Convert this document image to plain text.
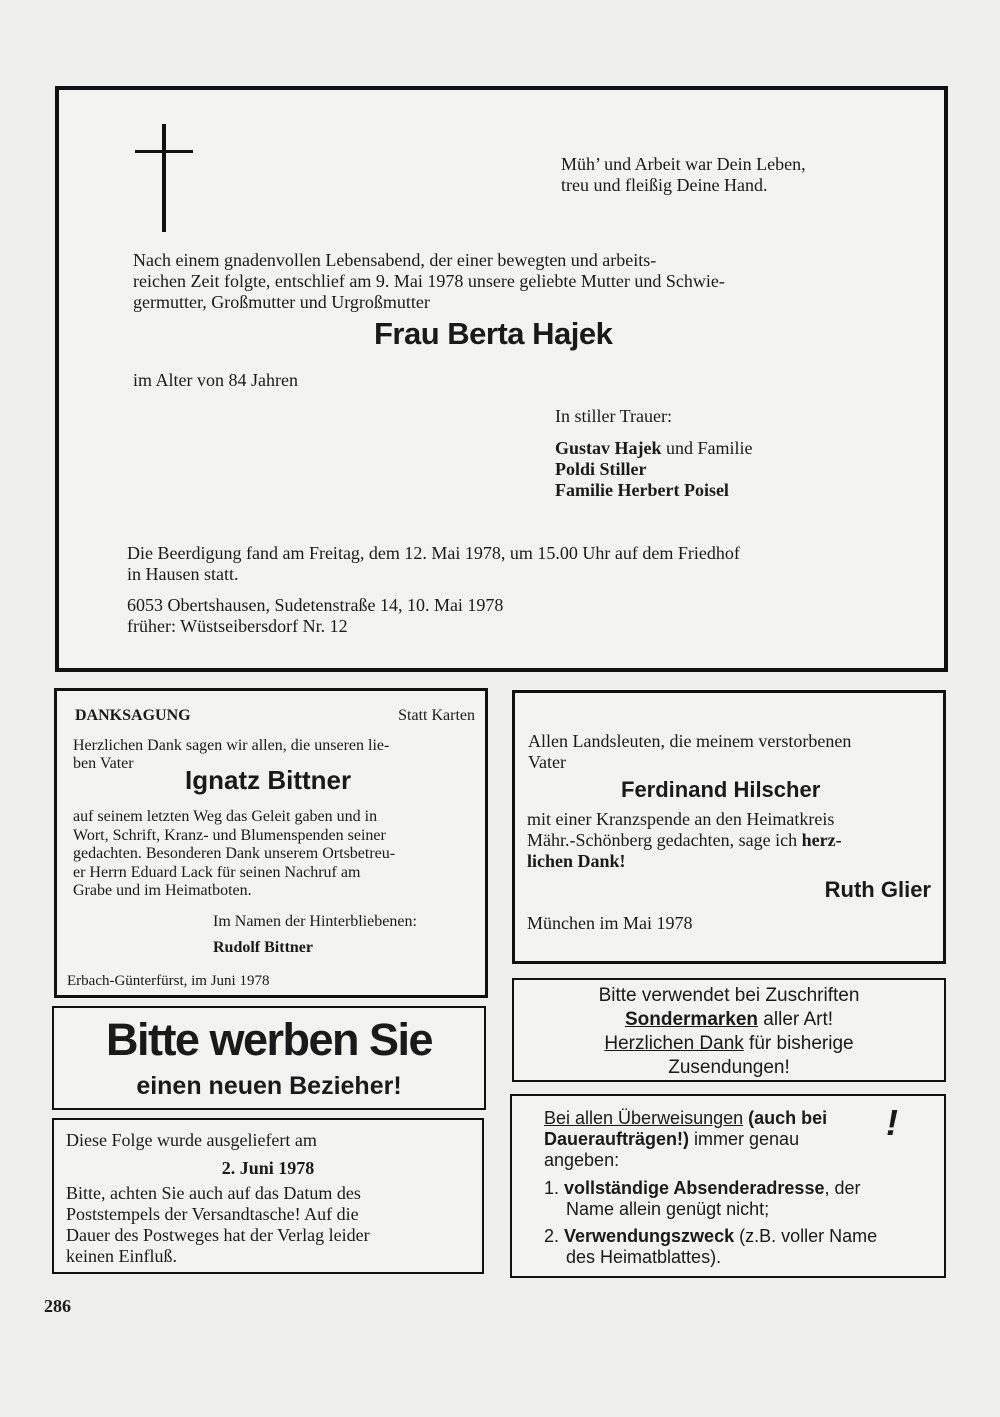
Müh’ und Arbeit war Dein Leben,
treu und fleißig Deine Hand.
Nach einem gnadenvollen Lebensabend, der einer bewegten und arbeits-
reichen Zeit folgte, entschlief am 9. Mai 1978 unsere geliebte Mutter und Schwie-
germutter, Großmutter und Urgroßmutter
Frau Berta Hajek
im Alter von 84 Jahren
In stiller Trauer:
Gustav Hajek und Familie
Poldi Stiller
Familie Herbert Poisel
Die Beerdigung fand am Freitag, dem 12. Mai 1978, um 15.00 Uhr auf dem Friedhof
in Hausen statt.
6053 Obertshausen, Sudetenstraße 14, 10. Mai 1978
früher: Wüstseibersdorf Nr. 12
DANKSAGUNG	Statt Karten
Herzlichen Dank sagen wir allen, die unseren lie-
ben Vater
Ignatz Bittner
auf seinem letzten Weg das Geleit gaben und in
Wort, Schrift, Kranz- und Blumenspenden seiner
gedachten. Besonderen Dank unserem Ortsbetreu-
er Herrn Eduard Lack für seinen Nachruf am
Grabe und im Heimatboten.
Im Namen der Hinterbliebenen:
Rudolf Bittner
Erbach-Günterfürst, im Juni 1978
Allen Landsleuten, die meinem verstorbenen
Vater
Ferdinand Hilscher
mit einer Kranzspende an den Heimatkreis
Mähr.-Schönberg gedachten, sage ich herz-
lichen Dank!
Ruth Glier
München im Mai 1978
Bitte werben Sie
einen neuen Bezieher!
Diese Folge wurde ausgeliefert am
2. Juni 1978
Bitte, achten Sie auch auf das Datum des
Poststempels der Versandtasche! Auf die
Dauer des Postweges hat der Verlag leider
keinen Einfluß.
Bitte verwendet bei Zuschriften
Sondermarken aller Art!
Herzlichen Dank für bisherige
Zusendungen!
Bei allen Überweisungen (auch bei
Daueraufträgen!) immer genau
angeben:
!
1. vollständige Absenderadresse, der
Name allein genügt nicht;
2. Verwendungszweck (z.B. voller Name
des Heimatblattes).
286
